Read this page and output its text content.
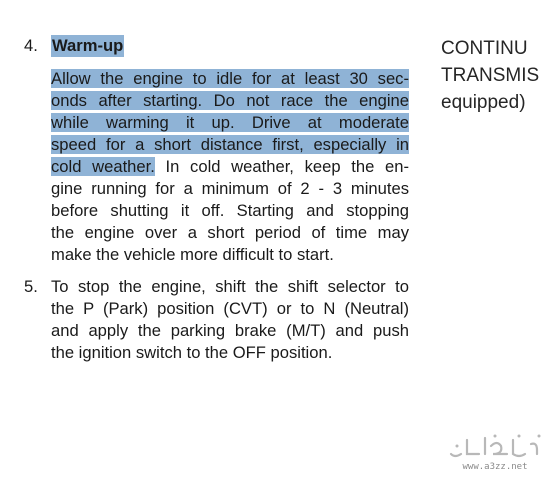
4. Warm-up
Allow the engine to idle for at least 30 sec-
onds after starting. Do not race the engine
while warming it up. Drive at moderate
speed for a short distance first, especially in
cold weather. In cold weather, keep the en-
gine running for a minimum of 2 - 3 minutes
before shutting it off. Starting and stopping
the engine over a short period of time may
make the vehicle more difficult to start.
5. To stop the engine, shift the shift selector to
the P (Park) position (CVT) or to N (Neutral)
and apply the parking brake (M/T) and push
the ignition switch to the OFF position.
CONTINU
TRANSMIS
equipped)
www.a3zz.net
